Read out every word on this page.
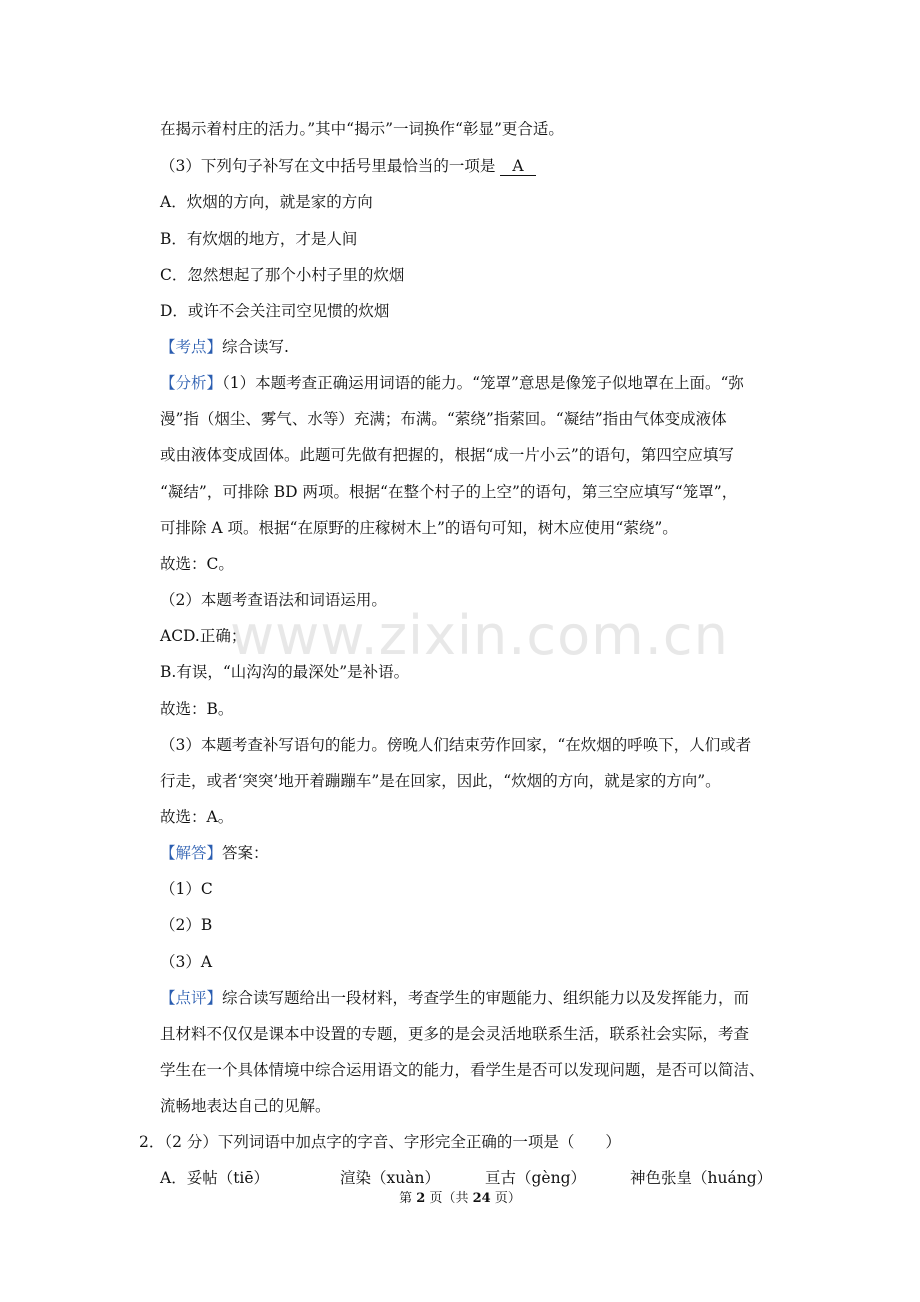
在揭示着村庄的活力。”其中“揭示”一词换作“彰显”更合适。
（3）下列句子补写在文中括号里最恰当的一项是 A
A．炊烟的方向，就是家的方向
B．有炊烟的地方，才是人间
C．忽然想起了那个小村子里的炊烟
D．或许不会关注司空见惯的炊烟
【考点】综合读写.
【分析】（1）本题考查正确运用词语的能力。“笼罩”意思是像笼子似地罩在上面。“弥
漫”指（烟尘、雾气、水等）充满；布满。“萦绕”指萦回。“凝结”指由气体变成液体
或由液体变成固体。此题可先做有把握的，根据“成一片小云”的语句，第四空应填写
“凝结”，可排除 BD 两项。根据“在整个村子的上空”的语句，第三空应填写“笼罩”，
可排除 A 项。根据“在原野的庄稼树木上”的语句可知，树木应使用“萦绕”。
故选：C。
（2）本题考查语法和词语运用。
ACD.正确；
B.有误，“山沟沟的最深处”是补语。
故选：B。
（3）本题考查补写语句的能力。傍晚人们结束劳作回家，“在炊烟的呼唤下，人们或者
行走，或者‘突突’地开着蹦蹦车”是在回家，因此，“炊烟的方向，就是家的方向”。
故选：A。
【解答】答案：
（1）C
（2）B
（3）A
【点评】综合读写题给出一段材料，考查学生的审题能力、组织能力以及发挥能力，而
且材料不仅仅是课本中设置的专题，更多的是会灵活地联系生活，联系社会实际，考查
学生在一个具体情境中综合运用语文的能力，看学生是否可以发现问题，是否可以简洁、
流畅地表达自己的见解。
2．（2 分）下列词语中加点字的字音、字形完全正确的一项是（　　）
A．妥帖（tiē）	渲染（xuàn）	亘古（gèng）	神色张皇（huáng）
www.zixin.com.cn
第 2 页（共 24 页）
